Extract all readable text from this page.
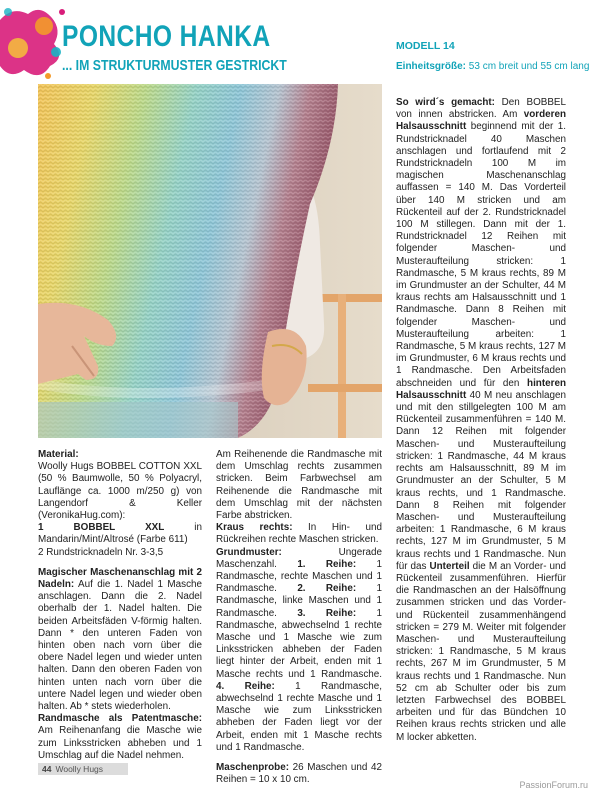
PONCHO HANKA
... IM STRUKTURMUSTER GESTRICKT
MODELL 14
Einheitsgröße: 53 cm breit und 55 cm lang

Material:
Woolly Hugs BOBBEL COTTON XXL (50 % Baumwolle, 50 % Polyacryl, Lauflänge ca. 1000 m/250 g) von Langendorf & Keller (VeronikaHug.com):
1 BOBBEL XXL in Mandarin/Mint/Altrosé (Farbe 611)
2 Rundstricknadeln Nr. 3-3,5

Magischer Maschenanschlag mit 2 Nadeln: Auf die 1. Nadel 1 Masche anschlagen. Dann die 2. Nadel oberhalb der 1. Nadel halten. Die beiden Arbeitsfäden V-förmig halten. Dann * den unteren Faden von hinten oben nach vorn über die obere Nadel legen und wieder unten halten. Dann den oberen Faden von hinten unten nach vorn über die untere Nadel legen und wieder oben halten. Ab * stets wiederholen.

Randmasche als Patentmasche: Am Reihenanfang die Masche wie zum Linksstricken abheben und 1 Umschlag auf die Nadel nehmen.

Am Reihenende die Randmasche mit dem Umschlag rechts zusammen stricken. Beim Farbwechsel am Reihenende die Randmasche mit dem Umschlag mit der nächsten Farbe abstricken.

Kraus rechts: In Hin- und Rückreihen rechte Maschen stricken.

Grundmuster: Ungerade Maschenzahl. 1. Reihe: 1 Randmasche, rechte Maschen und 1 Randmasche. 2. Reihe: 1 Randmasche, linke Maschen und 1 Randmasche. 3. Reihe: 1 Randmasche, abwechselnd 1 rechte Masche und 1 Masche wie zum Linksstricken abheben der Faden liegt hinter der Arbeit, enden mit 1 Masche rechts und 1 Randmasche. 4. Reihe: 1 Randmasche, abwechselnd 1 rechte Masche und 1 Masche wie zum Linksstricken abheben der Faden liegt vor der Arbeit, enden mit 1 Masche rechts und 1 Randmasche.

Maschenprobe: 26 Maschen und 42 Reihen = 10 x 10 cm.

So wird´s gemacht: Den BOBBEL von innen abstricken. Am vorderen Halsausschnitt beginnend mit der 1. Rundstricknadel 40 Maschen anschlagen und fortlaufend mit 2 Rundstricknadeln 100 M im magischen Maschenanschlag auffassen = 140 M. Das Vorderteil über 140 M stricken und am Rückenteil auf der 2. Rundstricknadel 100 M stillegen. Dann mit der 1. Rundstricknadel 12 Reihen mit folgender Maschen- und Musteraufteilung stricken: 1 Randmasche, 5 M kraus rechts, 89 M im Grundmuster an der Schulter, 44 M kraus rechts am Halsausschnitt und 1 Randmasche. Dann 8 Reihen mit folgender Maschen- und Musteraufteilung arbeiten: 1 Randmasche, 5 M kraus rechts, 127 M im Grundmuster, 6 M kraus rechts und 1 Randmasche. Den Arbeitsfaden abschneiden und für den hinteren Halsausschnitt 40 M neu anschlagen und mit den stillgelegten 100 M am Rückenteil zusammenführen = 140 M. Dann 12 Reihen mit folgender Maschen- und Musteraufteilung stricken: 1 Randmasche, 44 M kraus rechts am Halsausschnitt, 89 M im Grundmuster an der Schulter, 5 M kraus rechts, und 1 Randmasche. Dann 8 Reihen mit folgender Maschen- und Musteraufteilung arbeiten: 1 Randmasche, 6 M kraus rechts, 127 M im Grundmuster, 5 M kraus rechts und 1 Randmasche. Nun für das Unterteil die M an Vorder- und Rückenteil zusammenführen. Hierfür die Randmaschen an der Halsöffnung zusammen stricken und das Vorder- und Rückenteil zusammenhängend stricken = 279 M. Weiter mit folgender Maschen- und Musteraufteilung stricken: 1 Randmasche, 5 M kraus rechts, 267 M im Grundmuster, 5 M kraus rechts und 1 Randmasche. Nun 52 cm ab Schulter oder bis zum letzten Farbwechsel des BOBBEL arbeiten und für das Bündchen 10 Reihen kraus rechts stricken und alle M locker abketten.

44 Woolly Hugs
PassionForum.ru
